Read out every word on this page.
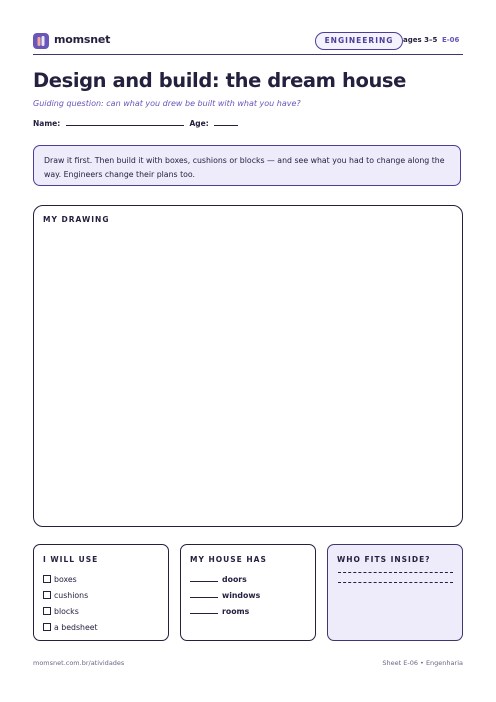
momsnet	ENGINEERING	ages 3–5 E-06
Design and build: the dream house
Guiding question: can what you drew be built with what you have?
Name:	Age:
Draw it first. Then build it with boxes, cushions or blocks — and see what you had to change along the way. Engineers change their plans too.
MY DRAWING
I WILL USE
boxes
cushions
blocks
a bedsheet
MY HOUSE HAS
doors
windows
rooms
WHO FITS INSIDE?
momsnet.com.br/atividades	Sheet E-06 • Engenharia
